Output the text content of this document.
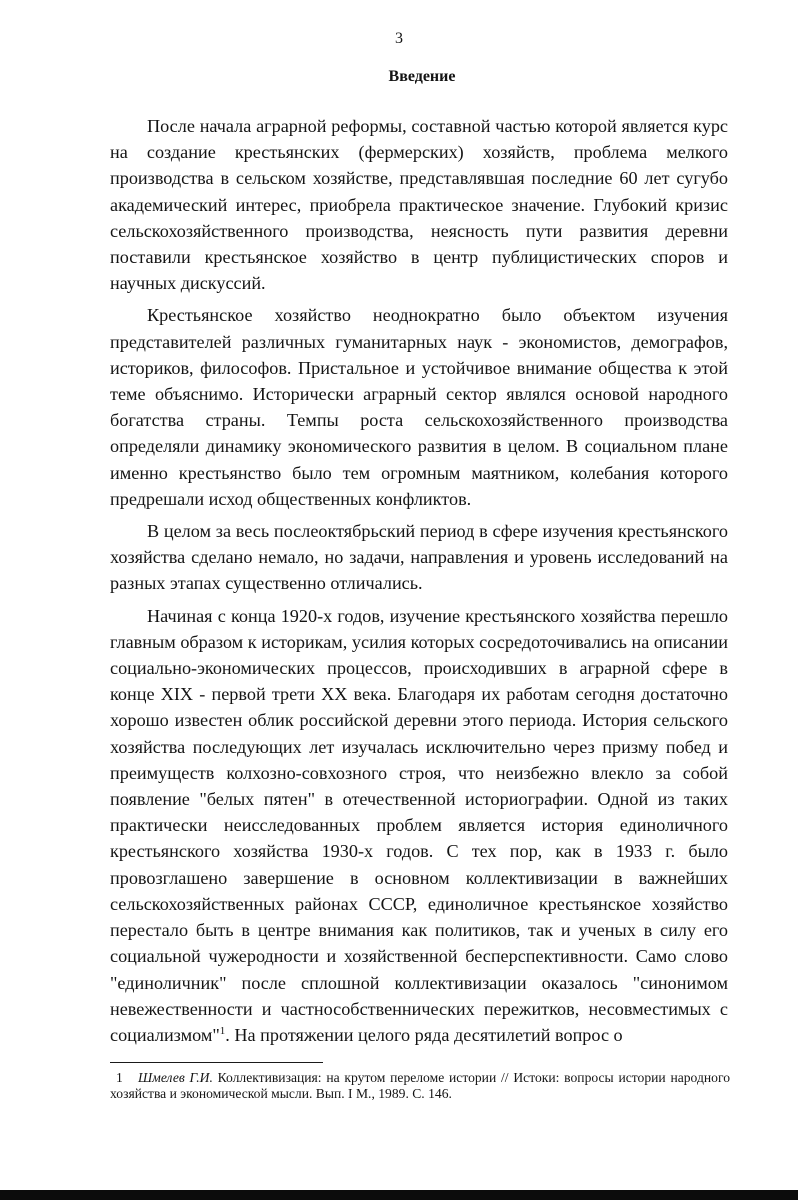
3
Введение

После начала аграрной реформы, составной частью которой является курс на создание крестьянских (фермерских) хозяйств, проблема мелкого производства в сельском хозяйстве, представлявшая последние 60 лет сугубо академический интерес, приобрела практическое значение. Глубокий кризис сельскохозяйственного производства, неясность пути развития деревни поставили крестьянское хозяйство в центр публицистических споров и научных дискуссий.

Крестьянское хозяйство неоднократно было объектом изучения представителей различных гуманитарных наук - экономистов, демографов, историков, философов. Пристальное и устойчивое внимание общества к этой теме объяснимо. Исторически аграрный сектор являлся основой народного богатства страны. Темпы роста сельскохозяйственного производства определяли динамику экономического развития в целом. В социальном плане именно крестьянство было тем огромным маятником, колебания которого предрешали исход общественных конфликтов.

В целом за весь послеоктябрьский период в сфере изучения крестьянского хозяйства сделано немало, но задачи, направления и уровень исследований на разных этапах существенно отличались.

Начиная с конца 1920-х годов, изучение крестьянского хозяйства перешло главным образом к историкам, усилия которых сосредоточивались на описании социально-экономических процессов, происходивших в аграрной сфере в конце XIX - первой трети XX века. Благодаря их работам сегодня достаточно хорошо известен облик российской деревни этого периода. История сельского хозяйства последующих лет изучалась исключительно через призму побед и преимуществ колхозно-совхозного строя, что неизбежно влекло за собой появление "белых пятен" в отечественной историографии. Одной из таких практически неисследованных проблем является история единоличного крестьянского хозяйства 1930-х годов. С тех пор, как в 1933 г. было провозглашено завершение в основном коллективизации в важнейших сельскохозяйственных районах СССР, единоличное крестьянское хозяйство перестало быть в центре внимания как политиков, так и ученых в силу его социальной чужеродности и хозяйственной бесперспективности. Само слово "единоличник" после сплошной коллективизации оказалось "синонимом невежественности и частнособственнических пережитков, несовместимых с социализмом"$^1$. На протяжении целого ряда десятилетий вопрос о

1 Шмелев Г.И. Коллективизация: на крутом переломе истории // Истоки: вопросы истории народного хозяйства и экономической мысли. Вып. I М., 1989. С. 146.
